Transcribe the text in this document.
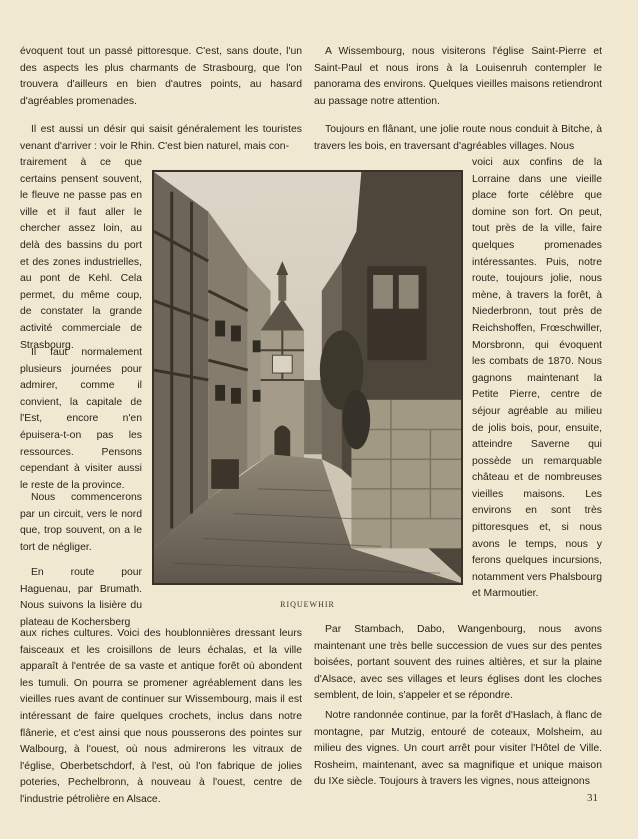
évoquent tout un passé pittoresque. C'est, sans doute, l'un des aspects les plus charmants de Strasbourg, que l'on trouvera d'ailleurs en bien d'autres points, au hasard d'agréables promenades.

Il est aussi un désir qui saisit généralement les touristes venant d'arriver : voir le Rhin. C'est bien naturel, mais con-

trairement à ce que certains pensent souvent, le fleuve ne passe pas en ville et il faut aller le chercher assez loin, au delà des bassins du port et des zones industrielles, au pont de Kehl. Cela permet, du même coup, de constater la grande activité commerciale de Strasbourg.

Il faut normalement plusieurs journées pour admirer, comme il convient, la capitale de l'Est, encore n'en épuisera-t-on pas les ressources. Pensons cependant à visiter aussi le reste de la province.

Nous commencerons par un circuit, vers le nord que, trop souvent, on a le tort de négliger.

En route pour Haguenau, par Brumath. Nous suivons la lisière du plateau de Kochersberg

aux riches cultures. Voici des houblonnières dressant leurs faisceaux et les croisillons de leurs échalas, et la ville apparaît à l'entrée de sa vaste et antique forêt où abondent les tumuli. On pourra se promener agréablement dans les vieilles rues avant de continuer sur Wissembourg, mais il est intéressant de faire quelques crochets, inclus dans notre flânerie, et c'est ainsi que nous pousserons des pointes sur Walbourg, à l'ouest, où nous admirerons les vitraux de l'église, Oberbetschdorf, à l'est, où l'on fabrique de jolies poteries, Pechelbronn, à nouveau à l'ouest, centre de l'industrie pétrolière en Alsace.

RIQUEWHIR

A Wissembourg, nous visiterons l'église Saint-Pierre et Saint-Paul et nous irons à la Louisenruh contempler le panorama des environs. Quelques vieilles maisons retiendront au passage notre attention.

Toujours en flânant, une jolie route nous conduit à Bitche, à travers les bois, en traversant d'agréables villages. Nous

voici aux confins de la Lorraine dans une vieille place forte célèbre que domine son fort. On peut, tout près de la ville, faire quelques promenades intéressantes. Puis, notre route, toujours jolie, nous mène, à travers la forêt, à Niederbronn, tout près de Reichshoffen, Frœschwiller, Morsbronn, qui évoquent les combats de 1870. Nous gagnons maintenant la Petite Pierre, centre de séjour agréable au milieu de jolis bois, pour, ensuite, atteindre Saverne qui possède un remarquable château et de nombreuses vieilles maisons. Les environs en sont très pittoresques et, si nous avons le temps, nous y ferons quelques incursions, notamment vers Phalsbourg et Marmoutier.

Par Stambach, Dabo, Wangenbourg, nous avons maintenant une très belle succession de vues sur des pentes boisées, portant souvent des ruines altières, et sur la plaine d'Alsace, avec ses villages et leurs églises dont les cloches semblent, de loin, s'appeler et se répondre.

Notre randonnée continue, par la forêt d'Haslach, à flanc de montagne, par Mutzig, entouré de coteaux, Molsheim, au milieu des vignes. Un court arrêt pour visiter l'Hôtel de Ville. Rosheim, maintenant, avec sa magnifique et unique maison du IXe siècle. Toujours à travers les vignes, nous atteignons

31
